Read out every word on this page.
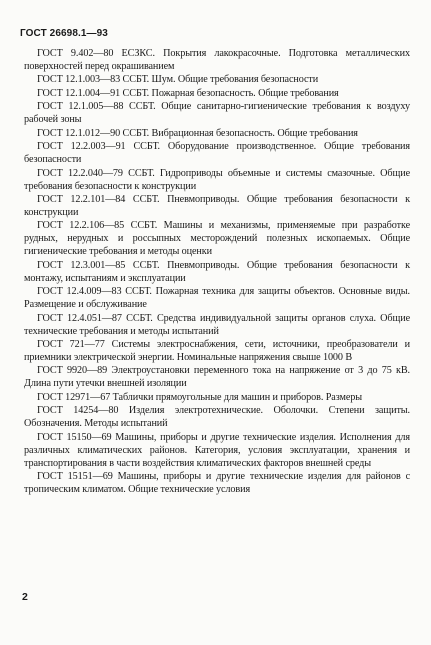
ГОСТ 26698.1—93

ГОСТ 9.402—80 ЕСЗКС. Покрытия лакокрасочные. Подготовка металлических поверхностей перед окрашиванием

ГОСТ 12.1.003—83 ССБТ. Шум. Общие требования безопасности

ГОСТ 12.1.004—91 ССБТ. Пожарная безопасность. Общие требования

ГОСТ 12.1.005—88 ССБТ. Общие санитарно-гигиенические требования к воздуху рабочей зоны

ГОСТ 12.1.012—90 ССБТ. Вибрационная безопасность. Общие требования

ГОСТ 12.2.003—91 ССБТ. Оборудование производственное. Общие требования безопасности

ГОСТ 12.2.040—79 ССБТ. Гидроприводы объемные и системы смазочные. Общие требования безопасности к конструкции

ГОСТ 12.2.101—84 ССБТ. Пневмоприводы. Общие требования безопасности к конструкции

ГОСТ 12.2.106—85 ССБТ. Машины и механизмы, применяемые при разработке рудных, нерудных и россыпных месторождений полезных ископаемых. Общие гигиенические требования и методы оценки

ГОСТ 12.3.001—85 ССБТ. Пневмоприводы. Общие требования безопасности к монтажу, испытаниям и эксплуатации

ГОСТ 12.4.009—83 ССБТ. Пожарная техника для защиты объектов. Основные виды. Размещение и обслуживание

ГОСТ 12.4.051—87 ССБТ. Средства индивидуальной защиты органов слуха. Общие технические требования и методы испытаний

ГОСТ 721—77 Системы электроснабжения, сети, источники, преобразователи и приемники электрической энергии. Номинальные напряжения свыше 1000 В

ГОСТ 9920—89 Электроустановки переменного тока на напряжение от 3 до 75 кВ. Длина пути утечки внешней изоляции

ГОСТ 12971—67 Таблички прямоугольные для машин и приборов. Размеры

ГОСТ 14254—80 Изделия электротехнические. Оболочки. Степени защиты. Обозначения. Методы испытаний

ГОСТ 15150—69 Машины, приборы и другие технические изделия. Исполнения для различных климатических районов. Категория, условия эксплуатации, хранения и транспортирования в части воздействия климатических факторов внешней среды

ГОСТ 15151—69 Машины, приборы и другие технические изделия для районов с тропическим климатом. Общие технические условия

2
